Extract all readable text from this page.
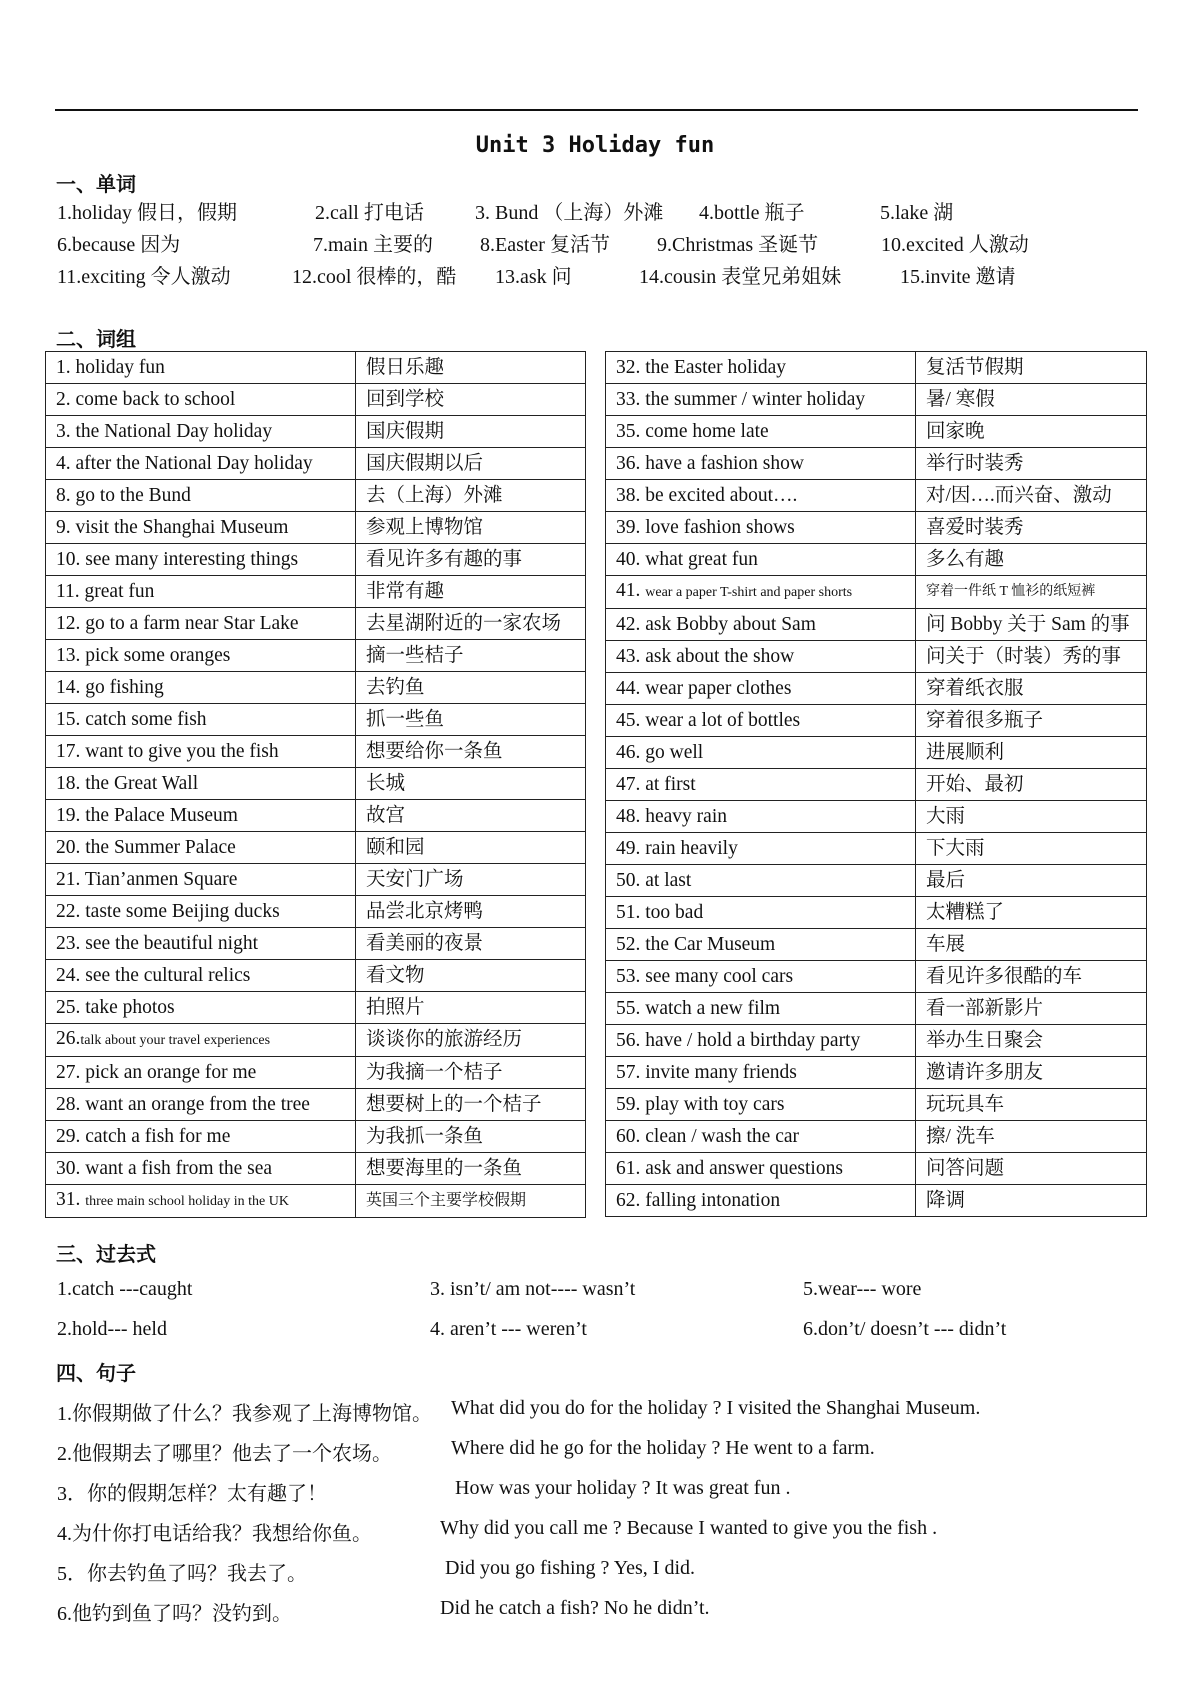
Unit 3 Holiday fun
一、单词
1.holiday 假日，假期	2.call 打电话	3. Bund （上海）外滩 4.bottle 瓶子	5.lake 湖
6.because 因为	7.main 主要的 8.Easter 复活节 9.Christmas 圣诞节	10.excited 人激动
11.exciting 令人激动	12.cool 很棒的，酷 13.ask 问	14.cousin 表堂兄弟姐妹	15.invite 邀请
二、词组
1. holiday fun	假日乐趣
2. come back to school	回到学校
3. the National Day holiday	国庆假期
4. after the National Day holiday	国庆假期以后
8. go to the Bund	去（上海）外滩
9. visit the Shanghai Museum	参观上博物馆
10. see many interesting things	看见许多有趣的事
11. great fun	非常有趣
12. go to a farm near Star Lake	去星湖附近的一家农场
13. pick some oranges	摘一些桔子
14. go fishing	去钓鱼
15. catch some fish	抓一些鱼
17. want to give you the fish	想要给你一条鱼
18. the Great Wall	长城
19. the Palace Museum	故宫
20. the Summer Palace	颐和园
21. Tian’anmen Square	天安门广场
22. taste some Beijing ducks	品尝北京烤鸭
23. see the beautiful night	看美丽的夜景
24. see the cultural relics	看文物
25. take photos	拍照片
26.talk about your travel experiences	谈谈你的旅游经历
27. pick an orange for me	为我摘一个桔子
28. want an orange from the tree	想要树上的一个桔子
29. catch a fish for me	为我抓一条鱼
30. want a fish from the sea	想要海里的一条鱼
31. three main school holiday in the UK	英国三个主要学校假期
32. the Easter holiday	复活节假期
33. the summer / winter holiday	暑/ 寒假
35. come home late	回家晚
36. have a fashion show	举行时装秀
38. be excited about….	对/因….而兴奋、激动
39. love fashion shows	喜爱时装秀
40. what great fun	多么有趣
41. wear a paper T-shirt and paper shorts	穿着一件纸 T 恤衫的纸短裤
42. ask Bobby about Sam	问 Bobby 关于 Sam 的事
43. ask about the show	问关于（时装）秀的事
44. wear paper clothes	穿着纸衣服
45. wear a lot of bottles	穿着很多瓶子
46. go well	进展顺利
47. at first	开始、最初
48. heavy rain	大雨
49. rain heavily	下大雨
50. at last	最后
51. too bad	太糟糕了
52. the Car Museum	车展
53. see many cool cars	看见许多很酷的车
55. watch a new film	看一部新影片
56. have / hold a birthday party	举办生日聚会
57. invite many friends	邀请许多朋友
59. play with toy cars	玩玩具车
60. clean / wash the car	擦/ 洗车
61. ask and answer questions	问答问题
62. falling intonation	降调
三、过去式
1.catch ---caught	3. isn’t/ am not---- wasn’t	5.wear--- wore
2.hold--- held	4. aren’t --- weren’t	6.don’t/ doesn’t --- didn’t
四、句子
1.你假期做了什么？我参观了上海博物馆。 What did you do for the holiday ? I visited the Shanghai Museum.
2.他假期去了哪里？他去了一个农场。	Where did he go for the holiday ? He went to a farm.
3．你的假期怎样？太有趣了！	How was your holiday ? It was great fun .
4.为什你打电话给我？我想给你鱼。	Why did you call me ? Because I wanted to give you the fish .
5．你去钓鱼了吗？我去了。	Did you go fishing ? Yes, I did.
6.他钓到鱼了吗？没钓到。	Did he catch a fish? No he didn’t.
